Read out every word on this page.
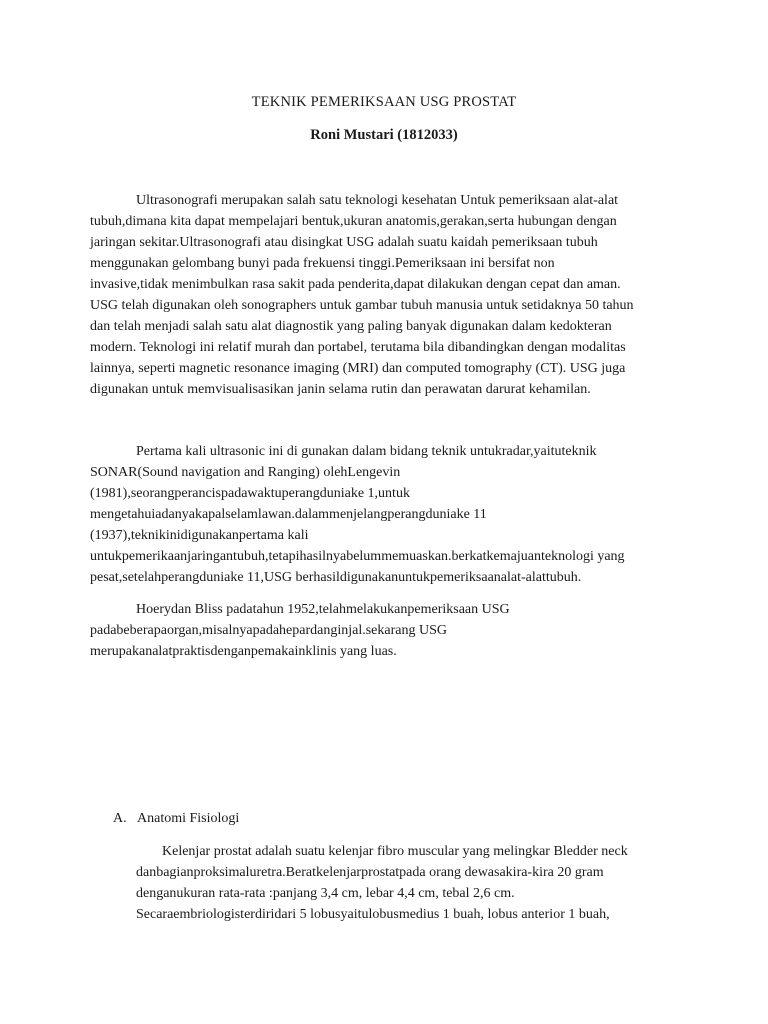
TEKNIK PEMERIKSAAN USG PROSTAT
Roni Mustari (1812033)
Ultrasonografi merupakan salah satu teknologi kesehatan Untuk pemeriksaan alat-alat
tubuh,dimana kita dapat mempelajari bentuk,ukuran anatomis,gerakan,serta hubungan dengan
jaringan sekitar.Ultrasonografi atau disingkat USG adalah suatu kaidah pemeriksaan tubuh
menggunakan gelombang bunyi pada frekuensi tinggi.Pemeriksaan ini bersifat non
invasive,tidak menimbulkan rasa sakit pada penderita,dapat dilakukan dengan cepat dan aman.
USG telah digunakan oleh sonographers untuk gambar tubuh manusia untuk setidaknya 50 tahun
dan telah menjadi salah satu alat diagnostik yang paling banyak digunakan dalam kedokteran
modern. Teknologi ini relatif murah dan portabel, terutama bila dibandingkan dengan modalitas
lainnya, seperti magnetic resonance imaging (MRI) dan computed tomography (CT). USG juga
digunakan untuk memvisualisasikan janin selama rutin dan perawatan darurat kehamilan.
Pertama kali ultrasonic ini di gunakan dalam bidang teknik untukradar,yaituteknik
SONAR(Sound navigation and Ranging) olehLengevin
(1981),seorangperancispadawaktuperangduniake 1,untuk
mengetahuiadanyakapalselamlawan.dalammenjelangperangduniake 11
(1937),teknikinidigunakanpertama kali
untukpemerikaanjaringantubuh,tetapihasilnyabelummemuaskan.berkatkemajuanteknologi yang
pesat,setelahperangduniake 11,USG berhasildigunakanuntukpemeriksaanalat-alattubuh.
Hoerydan Bliss padatahun 1952,telahmelakukanpemeriksaan USG
padabeberapaorgan,misalnyapadahepardanginjal.sekarang USG
merupakanalatpraktisdenganpemakainklinis yang luas.
A. Anatomi Fisiologi
Kelenjar prostat adalah suatu kelenjar fibro muscular yang melingkar Bledder neck
danbagianproksimaluretra.Beratkelenjarprostatpada orang dewasakira-kira 20 gram
denganukuran rata-rata :panjang 3,4 cm, lebar 4,4 cm, tebal 2,6 cm.
Secaraembriologisterdiridari 5 lobusyaitulobusmedius 1 buah, lobus anterior 1 buah,
